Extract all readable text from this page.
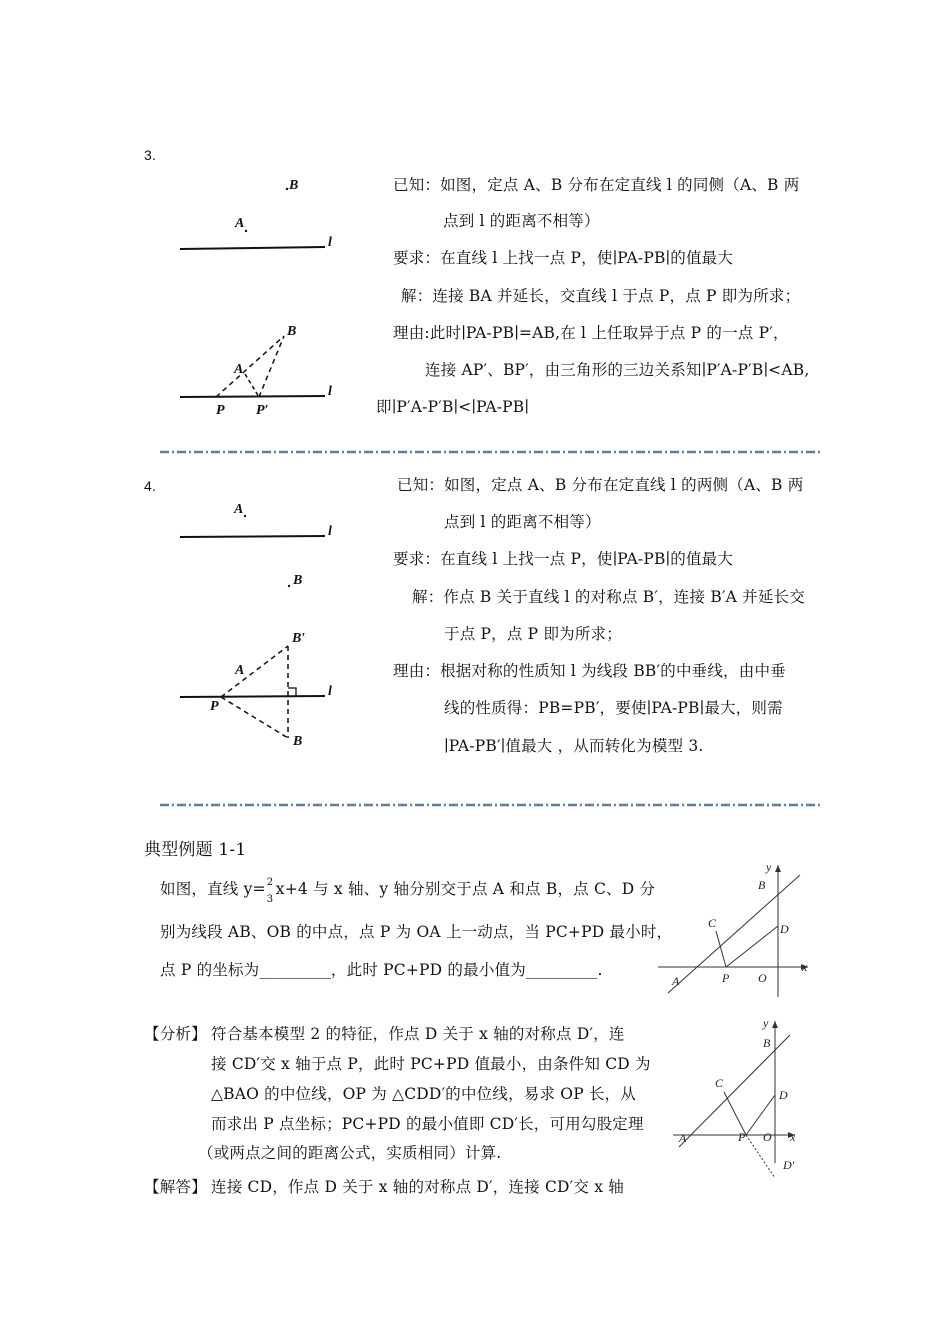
3.
B
A
l
B
A
l
P P′
已知：如图，定点 A、B 分布在定直线 l 的同侧（A、B 两
点到 l 的距离不相等）
要求：在直线 l 上找一点 P，使∣PA-PB∣的值最大
解：连接 BA 并延长，交直线 l 于点 P，点 P 即为所求；
理由:此时∣PA-PB∣=AB,在 l 上任取异于点 P 的一点 P′，
连接 AP′、BP′，由三角形的三边关系知∣P′A-P′B∣<AB,
即∣P′A-P′B∣<∣PA-PB∣
4.
A
l
B
B′
A
l
P
B
已知：如图，定点 A、B 分布在定直线 l 的两侧（A、B 两
点到 l 的距离不相等）
要求：在直线 l 上找一点 P，使∣PA-PB∣的值最大
解：作点 B 关于直线 l 的对称点 B′，连接 B′A 并延长交
于点 P，点 P 即为所求；
理由：根据对称的性质知 l 为线段 BB′的中垂线，由中垂
线的性质得：PB=PB′，要使∣PA-PB∣最大，则需
∣PA-PB′∣值最大 ，从而转化为模型 3.
典型例题 1-1
如图，直线 y= 2
3
x+4 与 x 轴、y 轴分别交于点 A 和点 B，点 C、D 分
别为线段 AB、OB 的中点，点 P 为 OA 上一动点，当 PC+PD 最小时，
点 P 的坐标为_________，此时 PC+PD 的最小值为_________.	x
y
A
B
C	D
P O
【分析】 符合基本模型 2 的特征，作点 D 关于 x 轴的对称点 D′，连
接 CD′交 x 轴于点 P，此时 PC+PD 值最小，由条件知 CD 为
△BAO 的中位线，OP 为 △CDD′的中位线，易求 OP 长，从
而求出 P 点坐标；PC+PD 的最小值即 CD′长，可用勾股定理
（或两点之间的距离公式，实质相同）计算.
x
y
A
B
C
D
P O
D′
【解答】 连接 CD，作点 D 关于 x 轴的对称点 D′，连接 CD′交 x 轴
